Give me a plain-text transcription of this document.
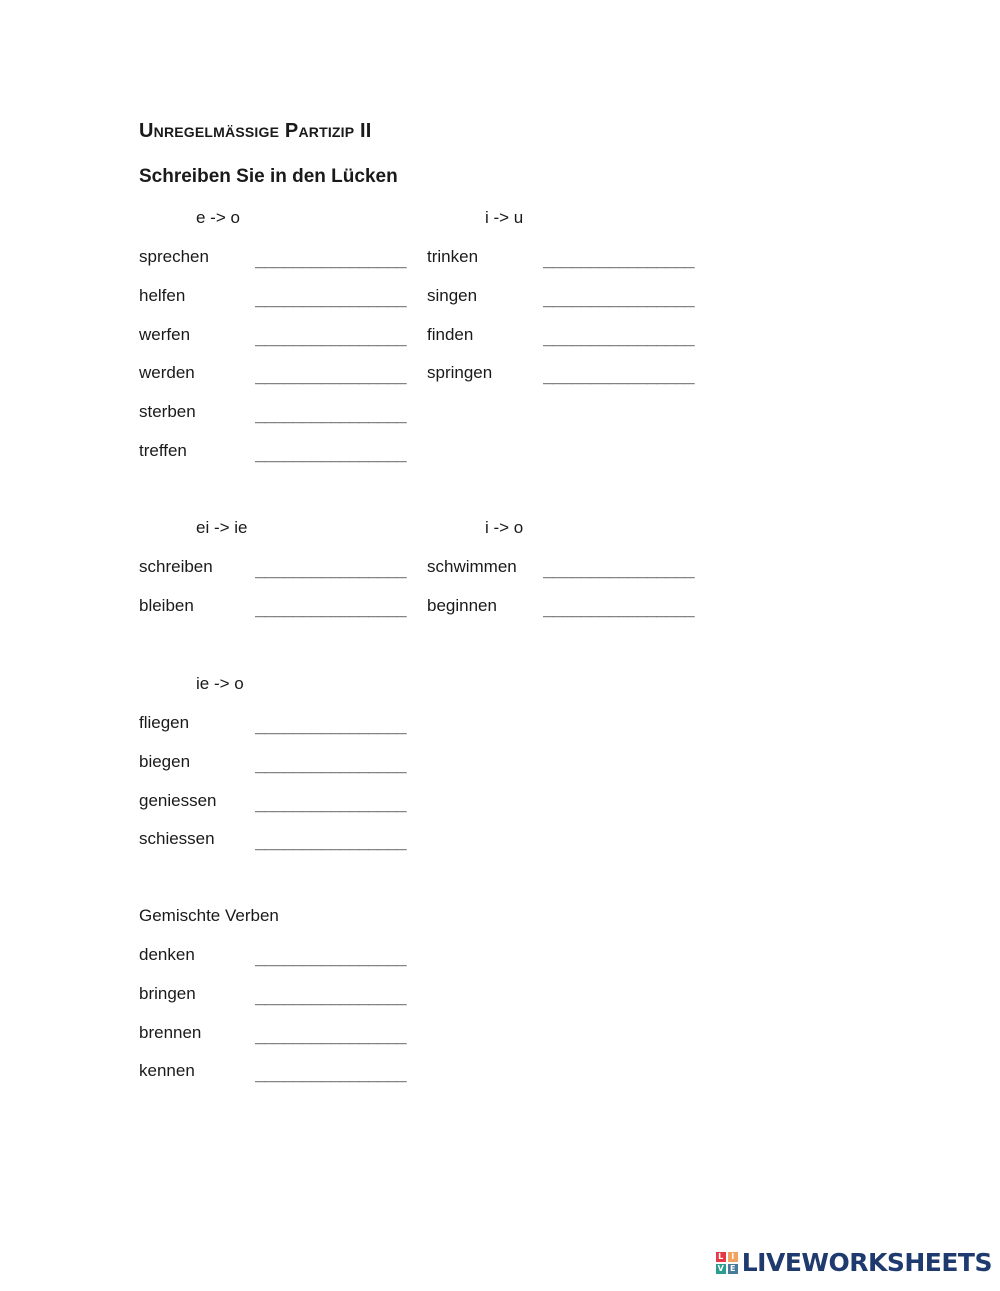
Unregelmässige Partizip II
Schreiben Sie in den Lücken
e -> o
sprechen	________________
helfen	________________
werfen	________________
werden	________________
sterben	________________
treffen	________________
i -> u
trinken	________________
singen	________________
finden	________________
springen	________________
ei -> ie
schreiben ________________
bleiben	________________
i -> o
schwimmen ________________
beginnen	________________
ie -> o
fliegen	________________
biegen	________________
geniessen ________________
schiessen ________________
Gemischte Verben
denken	________________
bringen	________________
brennen	________________
kennen	________________
L I
V E LIVEWORKSHEETS
